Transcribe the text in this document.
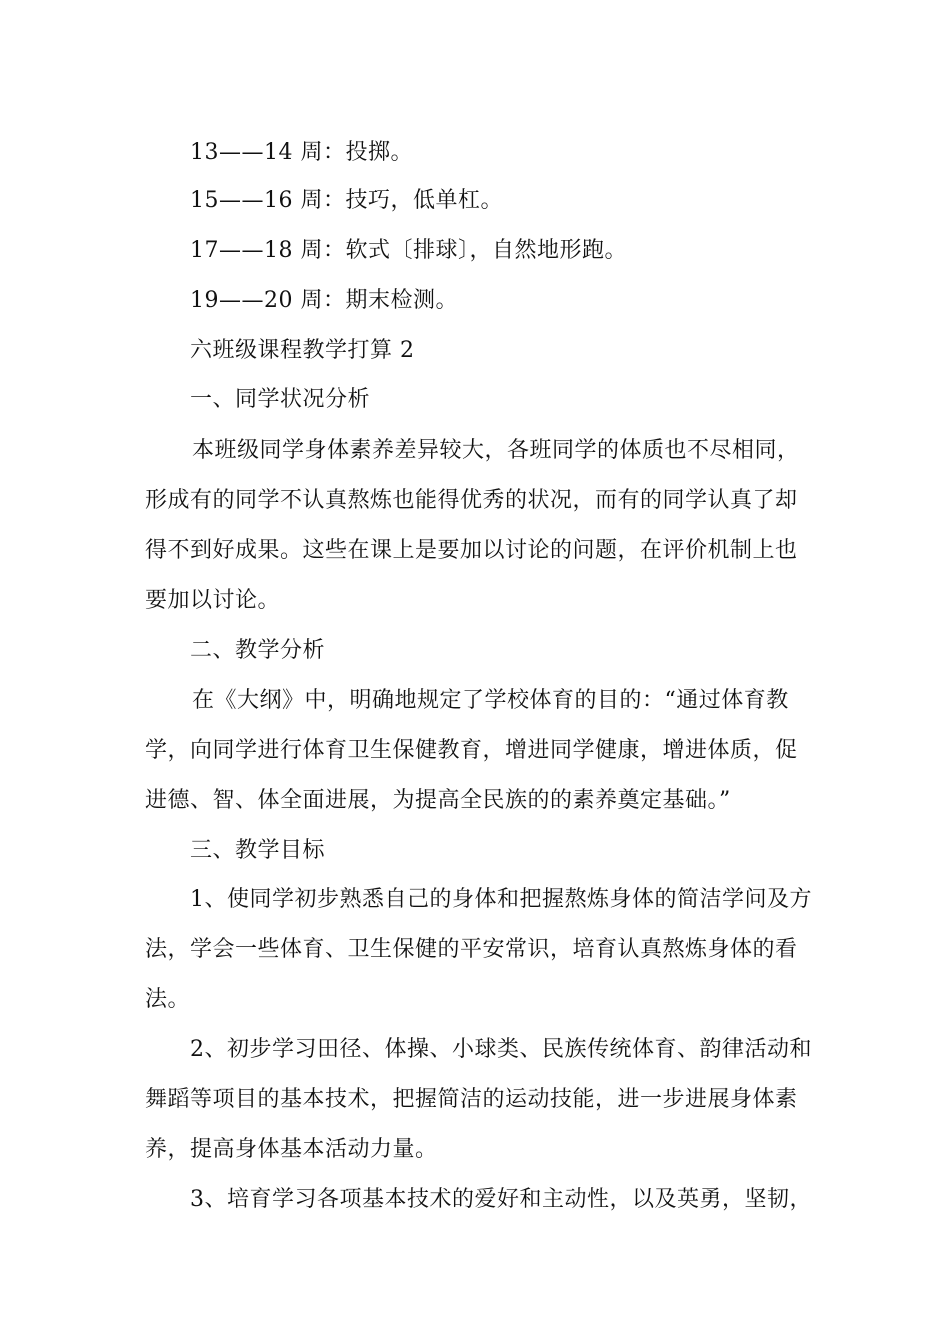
13——14 周：投掷。
15——16 周：技巧，低单杠。
17——18 周：软式〔排球〕，自然地形跑。
19——20 周：期末检测。
六班级课程教学打算 2
一、同学状况分析
本班级同学身体素养差异较大，各班同学的体质也不尽相同，
形成有的同学不认真熬炼也能得优秀的状况，而有的同学认真了却
得不到好成果。这些在课上是要加以讨论的问题，在评价机制上也
要加以讨论。
二、教学分析
在《大纲》中，明确地规定了学校体育的目的：“通过体育教
学，向同学进行体育卫生保健教育，增进同学健康，增进体质，促
进德、智、体全面进展，为提高全民族的的素养奠定基础。”
三、教学目标
1、使同学初步熟悉自己的身体和把握熬炼身体的简洁学问及方
法，学会一些体育、卫生保健的平安常识，培育认真熬炼身体的看
法。
2、初步学习田径、体操、小球类、民族传统体育、韵律活动和
舞蹈等项目的基本技术，把握简洁的运动技能，进一步进展身体素
养，提高身体基本活动力量。
3、培育学习各项基本技术的爱好和主动性，以及英勇，坚韧，
